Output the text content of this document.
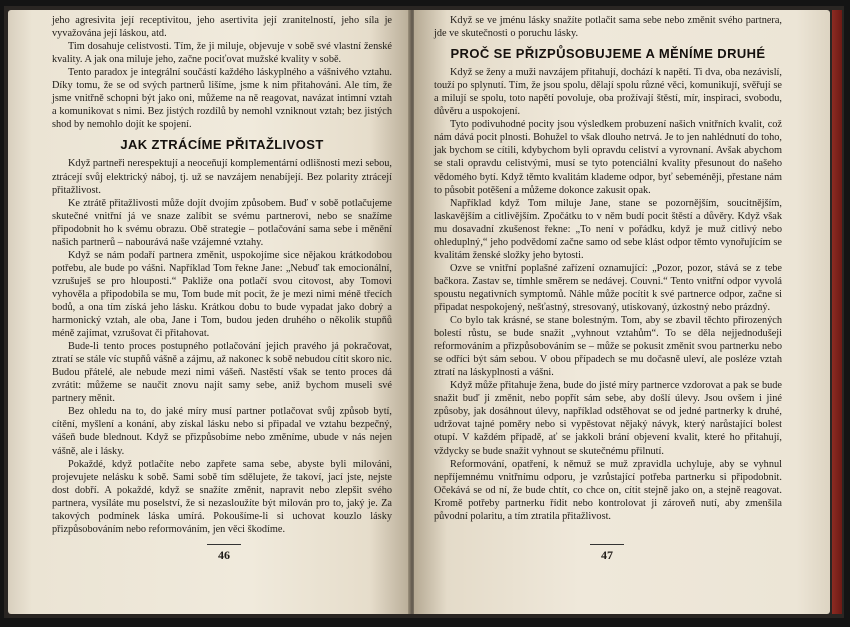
jeho agresivita její receptivitou, jeho asertivita její zranitelností, jeho síla je vyvažována její láskou, atd.

Tim dosahuje celistvosti. Tím, že ji miluje, objevuje v sobě své vlastní ženské kvality. A jak ona miluje jeho, začne pociťovat mužské kvality v sobě.

Tento paradox je integrální součástí každého láskyplného a vášnivého vztahu. Díky tomu, že se od svých partnerů lišíme, jsme k nim přitahováni. Ale tím, že jsme vnitřně schopni být jako oni, můžeme na ně reagovat, navázat intimní vztah a komunikovat s nimi. Bez jistých rozdílů by nemohl vzniknout vztah; bez jistých shod by nemohlo dojít ke spojení.

JAK ZTRÁCÍME PŘITAŽLIVOST

Když partneři nerespektují a neoceňují komplementární odlišnosti mezi sebou, ztrácejí svůj elektrický náboj, tj. už se navzájem nenabíjejí. Bez polarity ztrácejí přitažlivost.

Ke ztrátě přitažlivosti může dojít dvojím způsobem. Buď v sobě potlačujeme skutečné vnitřní já ve snaze zalíbit se svému partnerovi, nebo se snažíme připodobnit ho k svému obrazu. Obě strategie – potlačování sama sebe i měnění našich partnerů – nabourává naše vzájemné vztahy.

Když se nám podaří partnera změnit, uspokojíme sice nějakou krátkodobou potřebu, ale bude po vášni. Například Tom řekne Jane: „Nebuď tak emocionální, vzrušuješ se pro hlouposti.“ Pakliže ona potlačí svou citovost, aby Tomovi vyhověla a připodobila se mu, Tom bude mít pocit, že je mezi nimi méně třecích bodů, a ona tím získá jeho lásku. Krátkou dobu to bude vypadat jako dobrý a harmonický vztah, ale oba, Jane i Tom, budou jeden druhého o několik stupňů méně zajímat, vzrušovat či přitahovat.

Bude-li tento proces postupného potlačování jejich pravého já pokračovat, ztratí se stále víc stupňů vášně a zájmu, až nakonec k sobě nebudou cítit skoro nic. Budou přátelé, ale nebude mezi nimi vášeň. Nastěstí však se tento proces dá zvrátit: můžeme se naučit znovu najít samy sebe, aniž bychom museli své partnery měnit.

Bez ohledu na to, do jaké míry musí partner potlačovat svůj způsob bytí, cítění, myšlení a konání, aby získal lásku nebo si připadal ve vztahu bezpečný, vášeň bude blednout. Když se přizpůsobíme nebo změníme, ubude v nás nejen vášně, ale i lásky.

Pokaždé, když potlačíte nebo zapřete sama sebe, abyste byli milováni, projevujete nelásku k sobě. Sami sobě tím sdělujete, že takoví, jací jste, nejste dost dobří. A pokaždé, když se snažíte změnit, napravit nebo zlepšit svého partnera, vysíláte mu poselství, že si nezasloužíte být milován pro to, jaký je. Za takových podmínek láska umírá. Pokoušíme-li si uchovat kouzlo lásky přizpůsobováním nebo reformováním, jen věci škodíme.

46

Když se ve jménu lásky snažíte potlačit sama sebe nebo změnit svého partnera, jde ve skutečnosti o poruchu lásky.

PROČ SE PŘIZPŮSOBUJEME A MĚNÍME DRUHÉ

Když se ženy a muži navzájem přitahují, dochází k napětí. Ti dva, oba nezávislí, touží po splynutí. Tím, že jsou spolu, dělají spolu různé věci, komunikují, svěřují se a milují se spolu, toto napětí povoluje, oba prožívají štěstí, mír, inspiraci, svobodu, důvěru a uspokojení.

Tyto podivuhodné pocity jsou výsledkem probuzení našich vnitřních kvalit, což nám dává pocit plnosti. Bohužel to však dlouho netrvá. Je to jen nahlédnutí do toho, jak bychom se cítili, kdybychom byli opravdu celiství a vyrovnaní. Avšak abychom se stali opravdu celistvými, musí se tyto potenciální kvality přesunout do našeho vědomého bytí. Když těmto kvalitám klademe odpor, byť sebeméněji, přestane nám to působit potěšení a můžeme dokonce zakusit opak.

Například když Tom miluje Jane, stane se pozornějším, soucitnějším, laskavějším a citlivějším. Zpočátku to v něm budí pocit štěstí a důvěry. Když však mu dosavadní zkušenost řekne: „To není v pořádku, když je muž citlivý nebo ohleduplný,“ jeho podvědomí začne samo od sebe klást odpor těmto vynořujícím se kvalitám ženské složky jeho bytosti.

Ozve se vnitřní poplašné zařízení oznamující: „Pozor, pozor, stává se z tebe bačkora. Zastav se, tímhle směrem se nedávej. Couvni.“ Tento vnitřní odpor vyvolá spoustu negativních symptomů. Náhle může pocítit k své partnerce odpor, začne si připadat nespokojený, nešťastný, stresovaný, utiskovaný, úzkostný nebo prázdný.

Co bylo tak krásné, se stane bolestným. Tom, aby se zbavil těchto přirozených bolestí růstu, se bude snažit „vyhnout vztahům“. To se děla nejjednodušeji reformováním a přizpůsobováním se – může se pokusit změnit svou partnerku nebo se odříci být sám sebou. V obou případech se mu dočasně uleví, ale posléze vztah ztratí na láskyplnosti a vášni.

Když může přitahuje žena, bude do jisté míry partnerce vzdorovat a pak se bude snažit buď ji změnit, nebo popřít sám sebe, aby došlí úlevy. Jsou ovšem i jiné způsoby, jak dosáhnout úlevy, například odstěhovat se od jedné partnerky k druhé, udržovat tajné poměry nebo si vypěstovat nějaký návyk, který narůstající bolest otupí. V každém případě, ať se jakkoli brání objevení kvalit, které ho přitahují, vždycky se bude snažit vyhnout se skutečnému přilnutí.

Reformování, opatření, k němuž se muž zpravidla uchyluje, aby se vyhnul nepříjemnému vnitřnímu odporu, je vzrůstající potřeba partnerku si připodobnit. Očekává se od ní, že bude chtít, co chce on, cítit stejně jako on, a stejně reagovat. Kromě potřeby partnerku řídit nebo kontrolovat ji zároveň nutí, aby zmenšila původní polaritu, a tím ztratila přitažlivost.

47
